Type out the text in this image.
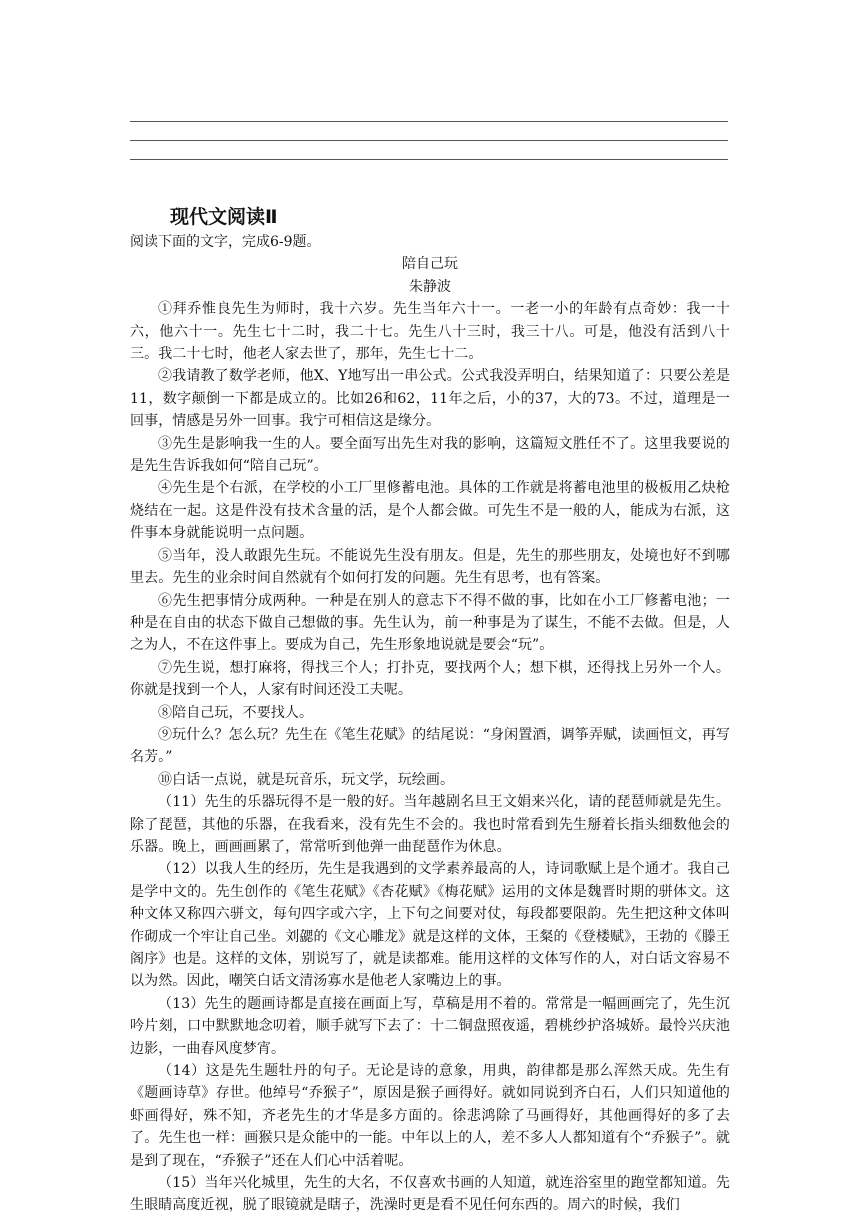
现代文阅读Ⅱ

阅读下面的文字，完成6-9题。

陪自己玩

朱静波

①拜乔惟良先生为师时，我十六岁。先生当年六十一。一老一小的年龄有点奇妙：我一十六，他六十一。先生七十二时，我二十七。先生八十三时，我三十八。可是，他没有活到八十三。我二十七时，他老人家去世了，那年，先生七十二。

②我请教了数学老师，他X、Y地写出一串公式。公式我没弄明白，结果知道了：只要公差是11，数字颠倒一下都是成立的。比如26和62，11年之后，小的37，大的73。不过，道理是一回事，情感是另外一回事。我宁可相信这是缘分。

③先生是影响我一生的人。要全面写出先生对我的影响，这篇短文胜任不了。这里我要说的是先生告诉我如何“陪自己玩”。

④先生是个右派，在学校的小工厂里修蓄电池。具体的工作就是将蓄电池里的极板用乙炔枪烧结在一起。这是件没有技术含量的活，是个人都会做。可先生不是一般的人，能成为右派，这件事本身就能说明一点问题。

⑤当年，没人敢跟先生玩。不能说先生没有朋友。但是，先生的那些朋友，处境也好不到哪里去。先生的业余时间自然就有个如何打发的问题。先生有思考，也有答案。

⑥先生把事情分成两种。一种是在别人的意志下不得不做的事，比如在小工厂修蓄电池；一种是在自由的状态下做自己想做的事。先生认为，前一种事是为了谋生，不能不去做。但是，人之为人，不在这件事上。要成为自己，先生形象地说就是要会“玩”。

⑦先生说，想打麻将，得找三个人；打扑克，要找两个人；想下棋，还得找上另外一个人。你就是找到一个人，人家有时间还没工夫呢。

⑧陪自己玩，不要找人。

⑨玩什么？怎么玩？先生在《笔生花赋》的结尾说：“身闲置酒，调筝弄赋，读画恒文，再写名芳。”

⑩白话一点说，就是玩音乐，玩文学，玩绘画。

（11）先生的乐器玩得不是一般的好。当年越剧名旦王文娟来兴化，请的琵琶师就是先生。除了琵琶，其他的乐器，在我看来，没有先生不会的。我也时常看到先生掰着长指头细数他会的乐器。晚上，画画画累了，常常听到他弹一曲琵琶作为休息。

（12）以我人生的经历，先生是我遇到的文学素养最高的人，诗词歌赋上是个通才。我自己是学中文的。先生创作的《笔生花赋》《杏花赋》《梅花赋》运用的文体是魏晋时期的骈体文。这种文体又称四六骈文，每句四字或六字，上下句之间要对仗，每段都要限韵。先生把这种文体叫作砌成一个牢让自己坐。刘勰的《文心雕龙》就是这样的文体，王粲的《登楼赋》，王勃的《滕王阁序》也是。这样的文体，别说写了，就是读都难。能用这样的文体写作的人，对白话文容易不以为然。因此，嘲笑白话文清汤寡水是他老人家嘴边上的事。

（13）先生的题画诗都是直接在画面上写，草稿是用不着的。常常是一幅画画完了，先生沉吟片刻，口中默默地念叨着，顺手就写下去了：十二铜盘照夜遥，碧桃纱护洛城娇。最怜兴庆池边影，一曲春风度梦宵。

（14）这是先生题牡丹的句子。无论是诗的意象，用典，韵律都是那么浑然天成。先生有《题画诗草》存世。他绰号“乔猴子”，原因是猴子画得好。就如同说到齐白石，人们只知道他的虾画得好，殊不知，齐老先生的才华是多方面的。徐悲鸿除了马画得好，其他画得好的多了去了。先生也一样：画猴只是众能中的一能。中年以上的人，差不多人人都知道有个“乔猴子”。就是到了现在，“乔猴子”还在人们心中活着呢。

（15）当年兴化城里，先生的大名，不仅喜欢书画的人知道，就连浴室里的跑堂都知道。先生眼睛高度近视，脱了眼镜就是瞎子，洗澡时更是看不见任何东西的。周六的时候，我们
